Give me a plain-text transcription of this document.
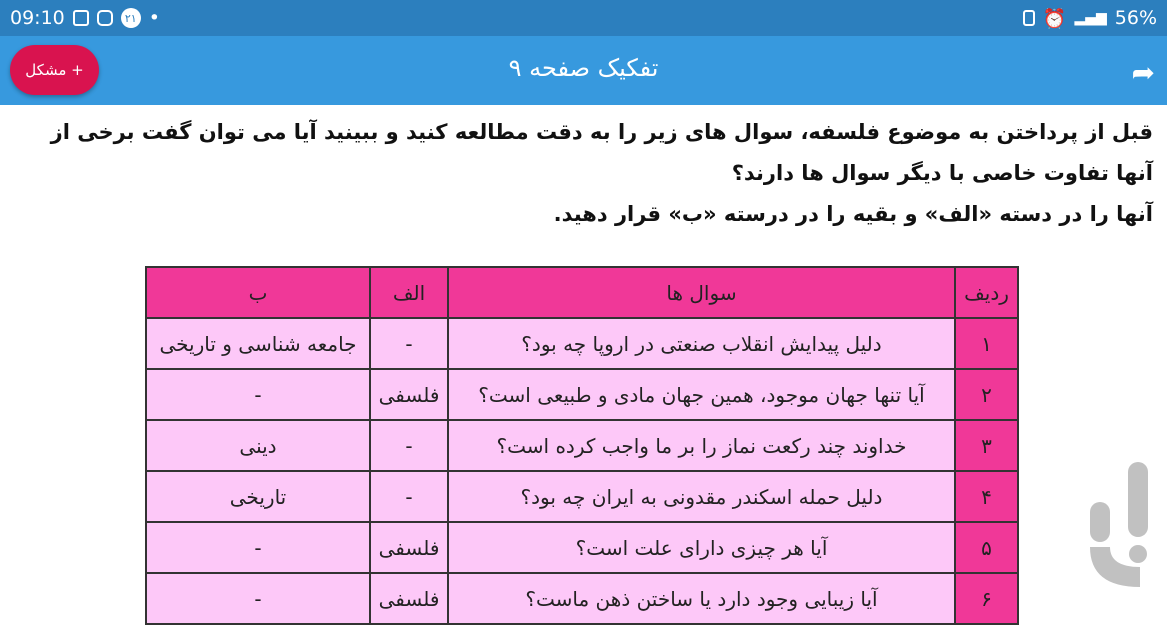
09:10	۲۱ •	⏰ ▂▄▆ 56%
+ مشکل	تفکیک صفحه ۹	➦

قبل از پرداختن به موضوع فلسفه، سوال های زیر را به دقت مطالعه کنید و ببینید آیا می توان گفت برخی از آنها تفاوت خاصی با دیگر سوال ها دارند؟

آنها را در دسته «الف» و بقیه را در درسته «ب» قرار دهید.

ردیف	سوال ها	الف	ب
۱	دلیل پیدایش انقلاب صنعتی در اروپا چه بود؟	-	جامعه شناسی و تاریخی
۲	آیا تنها جهان موجود، همین جهان مادی و طبیعی است؟	فلسفی	-
۳	خداوند چند رکعت نماز را بر ما واجب کرده است؟	-	دینی
۴	دلیل حمله اسکندر مقدونی به ایران چه بود؟	-	تاریخی
۵	آیا هر چیزی دارای علت است؟	فلسفی	-
۶	آیا زیبایی وجود دارد یا ساختن ذهن ماست؟	فلسفی	-
